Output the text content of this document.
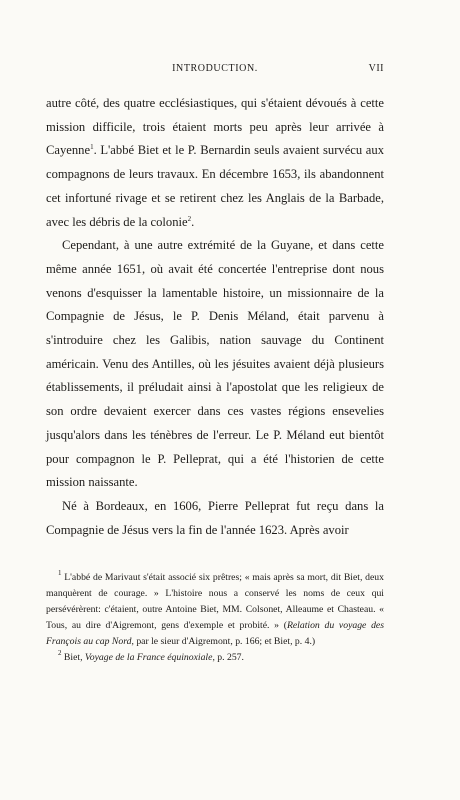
INTRODUCTION.	VII

autre côté, des quatre ecclésiastiques, qui s'étaient dévoués à cette mission difficile, trois étaient morts peu après leur arrivée à Cayenne$^1$. L'abbé Biet et le P. Bernardin seuls avaient survécu aux compagnons de leurs travaux. En décembre 1653, ils abandonnent cet infortuné rivage et se retirent chez les Anglais de la Barbade, avec les débris de la colonie$^2$.

Cependant, à une autre extrémité de la Guyane, et dans cette même année 1651, où avait été concertée l'entreprise dont nous venons d'esquisser la lamentable histoire, un missionnaire de la Compagnie de Jésus, le P. Denis Méland, était parvenu à s'introduire chez les Galibis, nation sauvage du Continent américain. Venu des Antilles, où les jésuites avaient déjà plusieurs établissements, il préludait ainsi à l'apostolat que les religieux de son ordre devaient exercer dans ces vastes régions ensevelies jusqu'alors dans les ténèbres de l'erreur. Le P. Méland eut bientôt pour compagnon le P. Pelleprat, qui a été l'historien de cette mission naissante.

Né à Bordeaux, en 1606, Pierre Pelleprat fut reçu dans la Compagnie de Jésus vers la fin de l'année 1623. Après avoir

$^1$ L'abbé de Marivaut s'était associé six prêtres; « mais après sa mort, dit Biet, deux manquèrent de courage. » L'histoire nous a conservé les noms de ceux qui persévérèrent: c'étaient, outre Antoine Biet, MM. Colsonet, Alleaume et Chasteau. « Tous, au dire d'Aigremont, gens d'exemple et probité. » (Relation du voyage des François au cap Nord, par le sieur d'Aigremont, p. 166; et Biet, p. 4.)

$^2$ Biet, Voyage de la France équinoxiale, p. 257.
